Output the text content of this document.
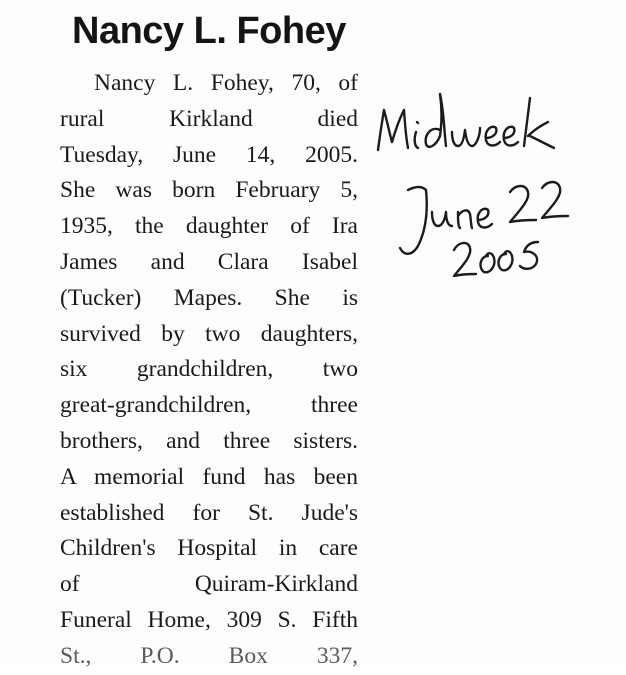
Nancy L. Fohey
Nancy L. Fohey, 70, of
rural Kirkland died
Tuesday, June 14, 2005.
She was born February 5,
1935, the daughter of Ira
James and Clara Isabel
(Tucker) Mapes. She is
survived by two daughters,
six grandchildren, two
great-grandchildren, three
brothers, and three sisters.
A memorial fund has been
established for St. Jude's
Children's Hospital in care
of Quiram-Kirkland
Funeral Home, 309 S. Fifth
St., P.O. Box 337,
